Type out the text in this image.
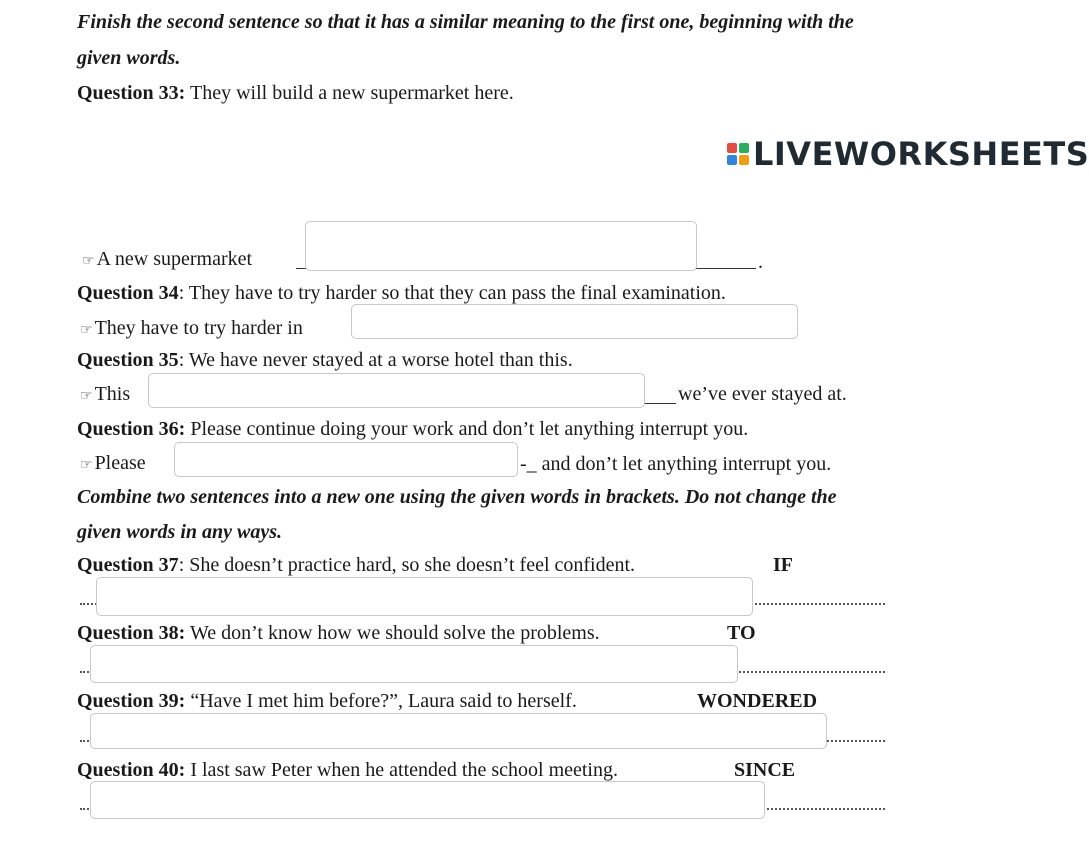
Finish the second sentence so that it has a similar meaning to the first one, beginning with the
given words.
Question 33: They will build a new supermarket here.
LIVEWORKSHEETS
☞ A new supermarket	.
Question 34: They have to try harder so that they can pass the final examination.
☞ They have to try harder in
Question 35: We have never stayed at a worse hotel than this.
☞ This	we’ve ever stayed at.
Question 36: Please continue doing your work and don’t let anything interrupt you.
☞ Please	-_ and don’t let anything interrupt you.
Combine two sentences into a new one using the given words in brackets. Do not change the
given words in any ways.
Question 37: She doesn’t practice hard, so she doesn’t feel confident.	IF
Question 38: We don’t know how we should solve the problems.	TO
Question 39: “Have I met him before?”, Laura said to herself.	WONDERED
Question 40: I last saw Peter when he attended the school meeting.	SINCE
